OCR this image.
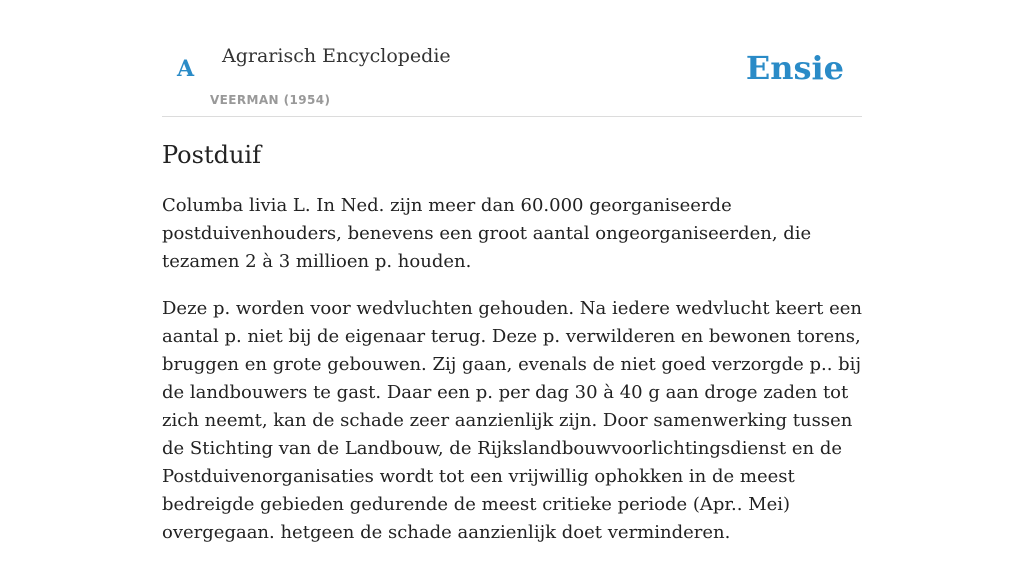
A Agrarisch Encyclopedie
VEERMAN (1954)
Ensie
Postduif

Columba livia L. In Ned. zijn meer dan 60.000 georganiseerde postduivenhouders, benevens een groot aantal ongeorganiseerden, die tezamen 2 à 3 millioen p. houden.

Deze p. worden voor wedvluchten gehouden. Na iedere wedvlucht keert een aantal p. niet bij de eigenaar terug. Deze p. verwilderen en bewonen torens, bruggen en grote gebouwen. Zij gaan, evenals de niet goed verzorgde p.. bij de landbouwers te gast. Daar een p. per dag 30 à 40 g aan droge zaden tot zich neemt, kan de schade zeer aanzienlijk zijn. Door samenwerking tussen de Stichting van de Landbouw, de Rijkslandbouwvoorlichtingsdienst en de Postduivenorganisaties wordt tot een vrijwillig ophokken in de meest bedreigde gebieden gedurende de meest critieke periode (Apr.. Mei) overgegaan. hetgeen de schade aanzienlijk doet verminderen.
